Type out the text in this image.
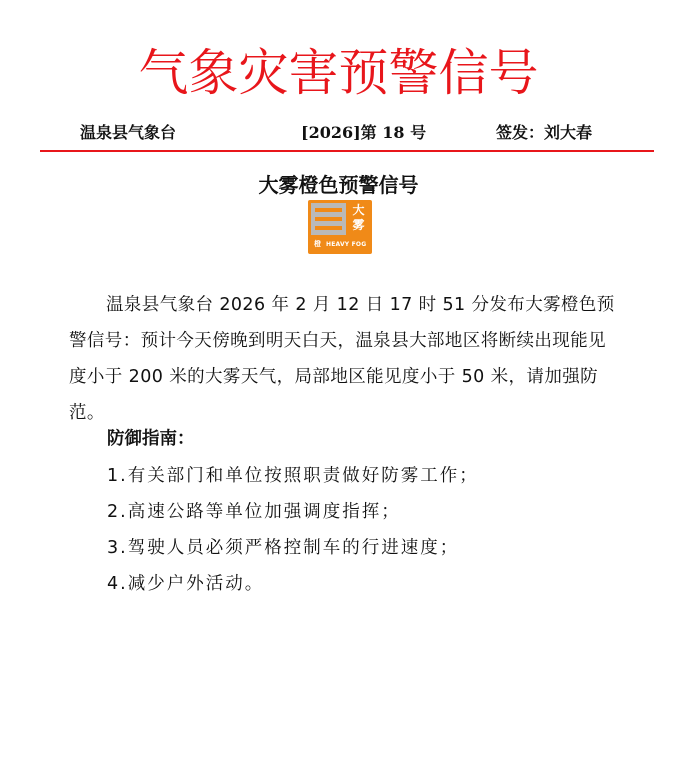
气象灾害预警信号
温泉县气象台	[2026]第 18 号	签发：刘大春
大雾橙色预警信号
大
雾
橙 HEAVY FOG
温泉县气象台 2026 年 2 月 12 日 17 时 51 分发布大雾橙色预警信号：预计今天傍晚到明天白天，温泉县大部地区将断续出现能见度小于 200 米的大雾天气，局部地区能见度小于 50 米，请加强防范。
防御指南：
1.有关部门和单位按照职责做好防雾工作；
2.高速公路等单位加强调度指挥；
3.驾驶人员必须严格控制车的行进速度；
4.减少户外活动。
